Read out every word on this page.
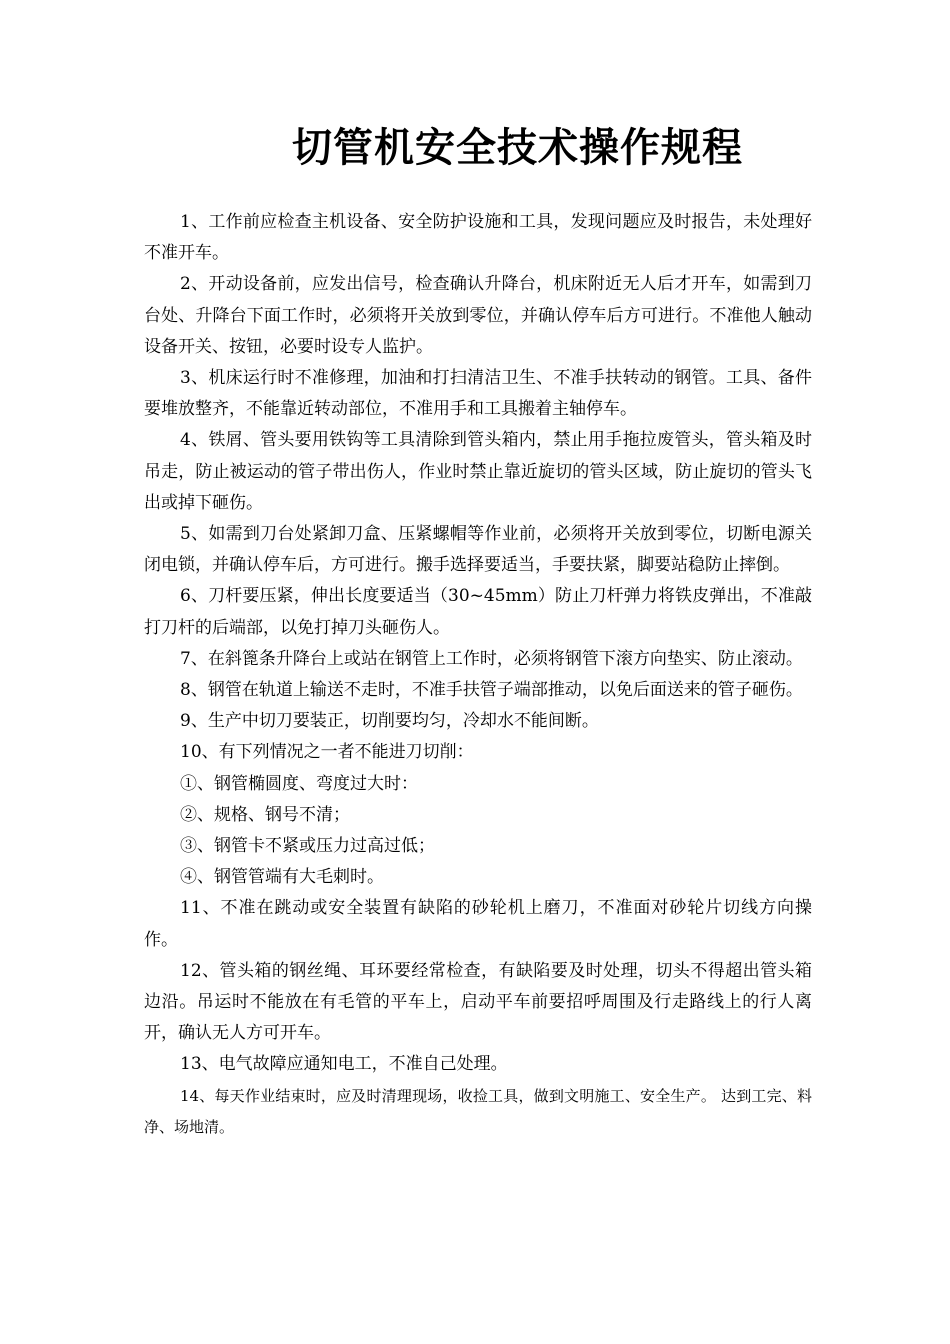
切管机安全技术操作规程

1、工作前应检查主机设备、安全防护设施和工具，发现问题应及时报告，未处理好不准开车。

2、开动设备前，应发出信号，检查确认升降台，机床附近无人后才开车，如需到刀台处、升降台下面工作时，必须将开关放到零位，并确认停车后方可进行。不准他人触动设备开关、按钮，必要时设专人监护。

3、机床运行时不准修理，加油和打扫清洁卫生、不准手扶转动的钢管。工具、备件要堆放整齐，不能靠近转动部位，不准用手和工具搬着主轴停车。

4、铁屑、管头要用铁钩等工具清除到管头箱内，禁止用手拖拉废管头，管头箱及时吊走，防止被运动的管子带出伤人，作业时禁止靠近旋切的管头区域，防止旋切的管头飞出或掉下砸伤。

5、如需到刀台处紧卸刀盒、压紧螺帽等作业前，必须将开关放到零位，切断电源关闭电锁，并确认停车后，方可进行。搬手选择要适当，手要扶紧，脚要站稳防止摔倒。

6、刀杆要压紧，伸出长度要适当（30~45mm）防止刀杆弹力将铁皮弹出，不准敲打刀杆的后端部，以免打掉刀头砸伤人。

7、在斜篦条升降台上或站在钢管上工作时，必须将钢管下滚方向垫实、防止滚动。

8、钢管在轨道上输送不走时，不准手扶管子端部推动，以免后面送来的管子砸伤。

9、生产中切刀要装正，切削要均匀，冷却水不能间断。

10、有下列情况之一者不能进刀切削：

①、钢管椭圆度、弯度过大时：

②、规格、钢号不清；

③、钢管卡不紧或压力过高过低；

④、钢管管端有大毛刺时。

11、不准在跳动或安全装置有缺陷的砂轮机上磨刀，不准面对砂轮片切线方向操作。

12、管头箱的钢丝绳、耳环要经常检查，有缺陷要及时处理，切头不得超出管头箱边沿。吊运时不能放在有毛管的平车上，启动平车前要招呼周围及行走路线上的行人离开，确认无人方可开车。

13、电气故障应通知电工，不准自己处理。

14、每天作业结束时，应及时清理现场，收捡工具，做到文明施工、安全生产。 达到工完、料净、场地清。
